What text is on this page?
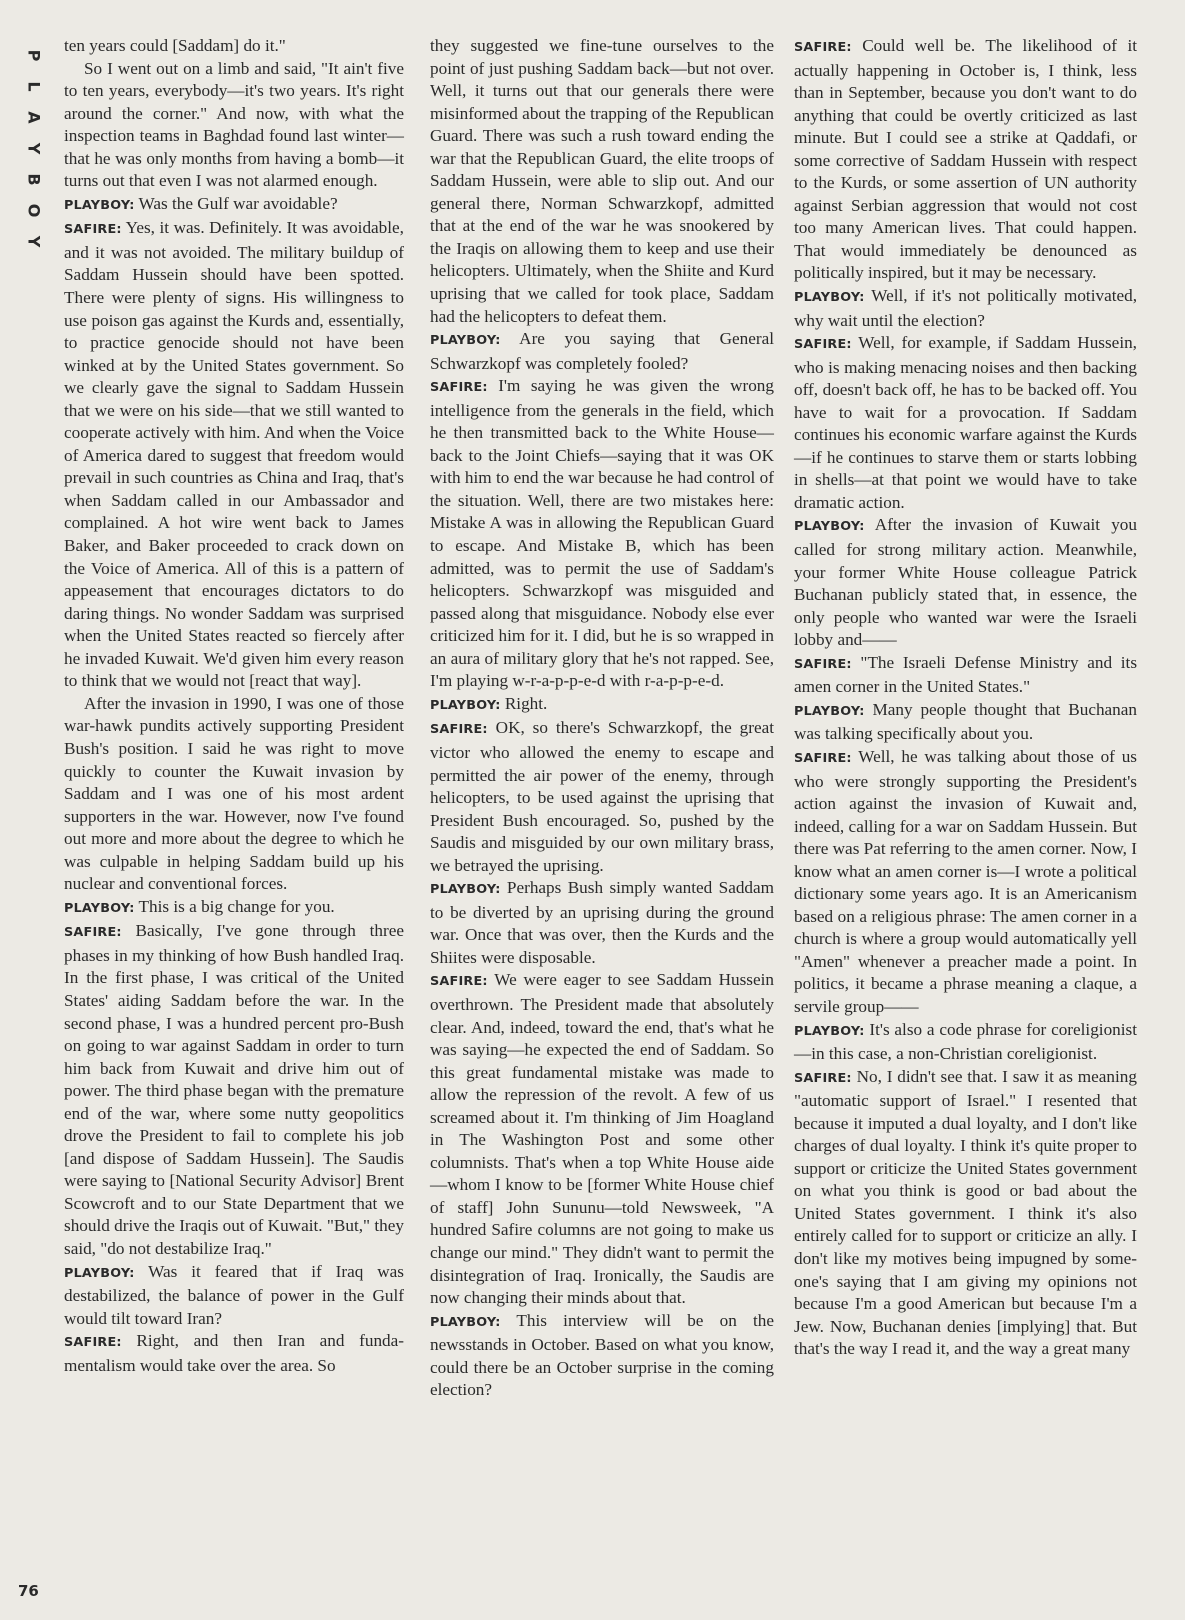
P
L
A
Y
B
O
Y

ten years could [Saddam] do it."

So I went out on a limb and said, "It ain't five to ten years, everybody—it's two years. It's right around the corner." And now, with what the inspection teams in Baghdad found last winter—that he was only months from having a bomb—it turns out that even I was not alarmed enough.

PLAYBOY: Was the Gulf war avoidable?

SAFIRE: Yes, it was. Definitely. It was avoidable, and it was not avoided. The military buildup of Saddam Hussein should have been spotted. There were plenty of signs. His willingness to use poison gas against the Kurds and, essentially, to practice genocide should not have been winked at by the United States government. So we clearly gave the signal to Saddam Hussein that we were on his side—that we still wanted to cooperate actively with him. And when the Voice of America dared to suggest that freedom would prevail in such countries as China and Iraq, that's when Saddam called in our Ambassador and complained. A hot wire went back to James Baker, and Baker proceeded to crack down on the Voice of America. All of this is a pattern of appeasement that encourages dictators to do daring things. No wonder Saddam was surprised when the United States reacted so fiercely after he invaded Kuwait. We'd given him every reason to think that we would not [react that way].

After the invasion in 1990, I was one of those war-hawk pundits actively supporting President Bush's position. I said he was right to move quickly to counter the Kuwait invasion by Saddam and I was one of his most ardent supporters in the war. However, now I've found out more and more about the degree to which he was culpable in helping Saddam build up his nuclear and conventional forces.

PLAYBOY: This is a big change for you.

SAFIRE: Basically, I've gone through three phases in my thinking of how Bush handled Iraq. In the first phase, I was critical of the United States' aiding Saddam before the war. In the second phase, I was a hundred percent pro-Bush on going to war against Saddam in order to turn him back from Kuwait and drive him out of power. The third phase began with the premature end of the war, where some nutty geopolitics drove the President to fail to complete his job [and dispose of Saddam Hussein]. The Saudis were saying to [National Security Advisor] Brent Scowcroft and to our State Department that we should drive the Iraqis out of Kuwait. "But," they said, "do not destabilize Iraq."

PLAYBOY: Was it feared that if Iraq was destabilized, the balance of power in the Gulf would tilt toward Iran?

SAFIRE: Right, and then Iran and fundamentalism would take over the area. So

they suggested we fine-tune ourselves to the point of just pushing Saddam back—but not over. Well, it turns out that our generals there were misinformed about the trapping of the Republican Guard. There was such a rush toward ending the war that the Republican Guard, the elite troops of Saddam Hussein, were able to slip out. And our general there, Norman Schwarzkopf, admitted that at the end of the war he was snookered by the Iraqis on allowing them to keep and use their helicopters. Ultimately, when the Shiite and Kurd uprising that we called for took place, Saddam had the helicopters to defeat them.

PLAYBOY: Are you saying that General Schwarzkopf was completely fooled?

SAFIRE: I'm saying he was given the wrong intelligence from the generals in the field, which he then transmitted back to the White House—back to the Joint Chiefs—saying that it was OK with him to end the war because he had control of the situation. Well, there are two mistakes here: Mistake A was in allowing the Republican Guard to escape. And Mistake B, which has been admitted, was to permit the use of Saddam's helicopters. Schwarzkopf was misguided and passed along that misguidance. Nobody else ever criticized him for it. I did, but he is so wrapped in an aura of military glory that he's not rapped. See, I'm playing w-r-a-p-p-e-d with r-a-p-p-e-d.

PLAYBOY: Right.

SAFIRE: OK, so there's Schwarzkopf, the great victor who allowed the enemy to escape and permitted the air power of the enemy, through helicopters, to be used against the uprising that President Bush encouraged. So, pushed by the Saudis and misguided by our own military brass, we betrayed the uprising.

PLAYBOY: Perhaps Bush simply wanted Saddam to be diverted by an uprising during the ground war. Once that was over, then the Kurds and the Shiites were disposable.

SAFIRE: We were eager to see Saddam Hussein overthrown. The President made that absolutely clear. And, indeed, toward the end, that's what he was saying—he expected the end of Saddam. So this great fundamental mistake was made to allow the repression of the revolt. A few of us screamed about it. I'm thinking of Jim Hoagland in The Washington Post and some other columnists. That's when a top White House aide—whom I know to be [former White House chief of staff] John Sununu—told Newsweek, "A hundred Safire columns are not going to make us change our mind." They didn't want to permit the disintegration of Iraq. Ironically, the Saudis are now changing their minds about that.

PLAYBOY: This interview will be on the newsstands in October. Based on what you know, could there be an October surprise in the coming election?

SAFIRE: Could well be. The likelihood of it actually happening in October is, I think, less than in September, because you don't want to do anything that could be overtly criticized as last minute. But I could see a strike at Qaddafi, or some corrective of Saddam Hussein with respect to the Kurds, or some assertion of UN authority against Serbian aggression that would not cost too many American lives. That could happen. That would immediately be denounced as politically inspired, but it may be necessary.

PLAYBOY: Well, if it's not politically motivated, why wait until the election?

SAFIRE: Well, for example, if Saddam Hussein, who is making menacing noises and then backing off, doesn't back off, he has to be backed off. You have to wait for a provocation. If Saddam continues his economic warfare against the Kurds—if he continues to starve them or starts lobbing in shells—at that point we would have to take dramatic action.

PLAYBOY: After the invasion of Kuwait you called for strong military action. Meanwhile, your former White House colleague Patrick Buchanan publicly stated that, in essence, the only people who wanted war were the Israeli lobby and——

SAFIRE: "The Israeli Defense Ministry and its amen corner in the United States."

PLAYBOY: Many people thought that Buchanan was talking specifically about you.

SAFIRE: Well, he was talking about those of us who were strongly supporting the President's action against the invasion of Kuwait and, indeed, calling for a war on Saddam Hussein. But there was Pat referring to the amen corner. Now, I know what an amen corner is—I wrote a political dictionary some years ago. It is an Americanism based on a religious phrase: The amen corner in a church is where a group would automatically yell "Amen" whenever a preacher made a point. In politics, it became a phrase meaning a claque, a servile group——

PLAYBOY: It's also a code phrase for coreligionist—in this case, a non-Christian coreligionist.

SAFIRE: No, I didn't see that. I saw it as meaning "automatic support of Israel." I resented that because it imputed a dual loyalty, and I don't like charges of dual loyalty. I think it's quite proper to support or criticize the United States government on what you think is good or bad about the United States government. I think it's also entirely called for to support or criticize an ally. I don't like my motives being impugned by someone's saying that I am giving my opinions not because I'm a good American but because I'm a Jew. Now, Buchanan denies [implying] that. But that's the way I read it, and the way a great many

76
